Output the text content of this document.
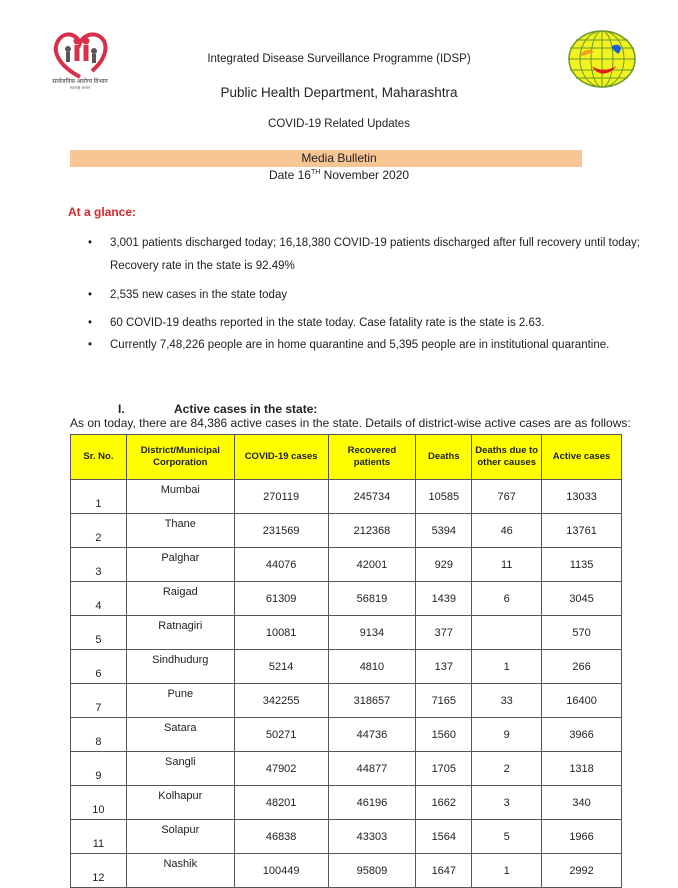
सार्वजनिक आरोग्य विभाग
महाराष्ट्र शासन
Integrated Disease Surveillance Programme (IDSP)
Public Health Department, Maharashtra
COVID-19 Related Updates
Media Bulletin
Date 16TH November 2020
At a glance:
• 3,001 patients discharged today; 16,18,380 COVID-19 patients discharged after full recovery until today; Recovery rate in the state is 92.49%
• 2,535 new cases in the state today
• 60 COVID-19 deaths reported in the state today. Case fatality rate is the state is 2.63.
• Currently 7,48,226 people are in home quarantine and 5,395 people are in institutional quarantine.
I.	Active cases in the state:
As on today, there are 84,386 active cases in the state. Details of district-wise active cases are as follows:
Sr. No.	District/Municipal Corporation	COVID-19 cases	Recovered patients	Deaths	Deaths due to other causes	Active cases
1	Mumbai	270119	245734	10585	767	13033
2	Thane	231569	212368	5394	46	13761
3	Palghar	44076	42001	929	11	1135
4	Raigad	61309	56819	1439	6	3045
5	Ratnagiri	10081	9134	377		570
6	Sindhudurg	5214	4810	137	1	266
7	Pune	342255	318657	7165	33	16400
8	Satara	50271	44736	1560	9	3966
9	Sangli	47902	44877	1705	2	1318
10	Kolhapur	48201	46196	1662	3	340
11	Solapur	46838	43303	1564	5	1966
12	Nashik	100449	95809	1647	1	2992
